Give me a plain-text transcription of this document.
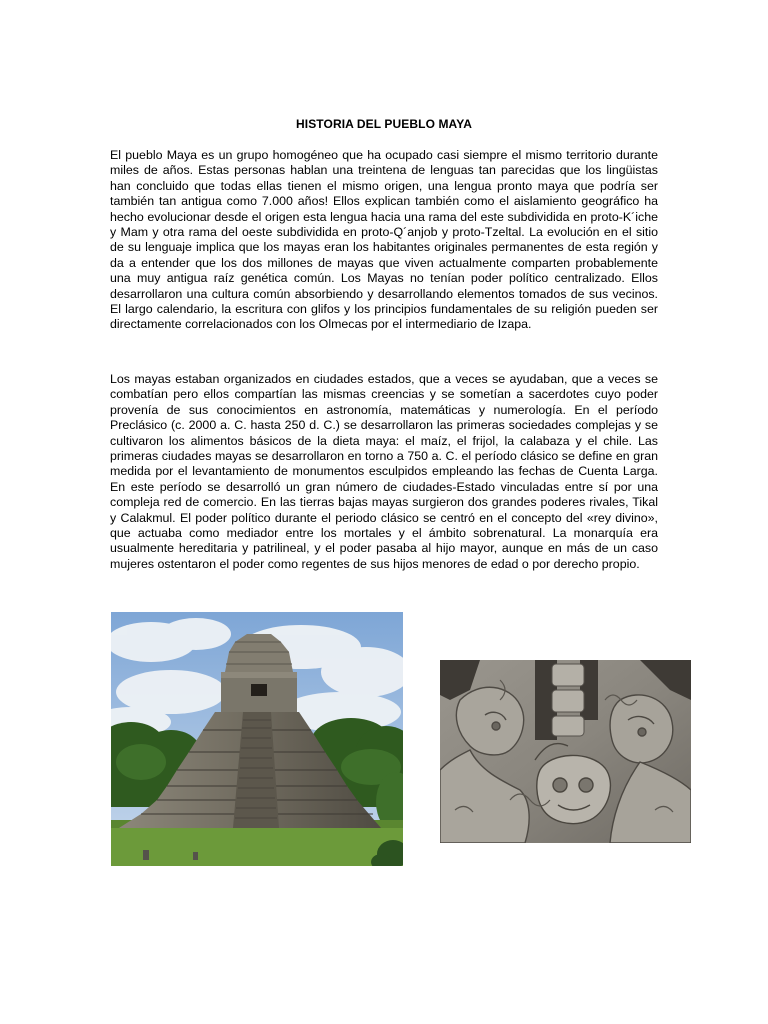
HISTORIA DEL PUEBLO MAYA

El pueblo Maya es un grupo homogéneo que ha ocupado casi siempre el mismo territorio durante miles de años. Estas personas hablan una treintena de lenguas tan parecidas que los lingüistas han concluido que todas ellas tienen el mismo origen, una lengua pronto maya que podría ser también tan antigua como 7.000 años! Ellos explican también como el aislamiento geográfico ha hecho evolucionar desde el origen esta lengua hacia una rama del este subdividida en proto-K´iche y Mam y otra rama del oeste subdividida en proto-Q´anjob y proto-Tzeltal. La evolución en el sitio de su lenguaje implica que los mayas eran los habitantes originales permanentes de esta región y da a entender que los dos millones de mayas que viven actualmente comparten probablemente una muy antigua raíz genética común. Los Mayas no tenían poder político centralizado. Ellos desarrollaron una cultura común absorbiendo y desarrollando elementos tomados de sus vecinos. El largo calendario, la escritura con glifos y los principios fundamentales de su religión pueden ser directamente correlacionados con los Olmecas por el intermediario de Izapa.

Los mayas estaban organizados en ciudades estados, que a veces se ayudaban, que a veces se combatían pero ellos compartían las mismas creencias y se sometían a sacerdotes cuyo poder provenía de sus conocimientos en astronomía, matemáticas y numerología. En el período Preclásico (c. 2000 a. C. hasta 250 d. C.) se desarrollaron las primeras sociedades complejas y se cultivaron los alimentos básicos de la dieta maya: el maíz, el frijol, la calabaza y el chile. Las primeras ciudades mayas se desarrollaron en torno a 750 a. C. el período clásico se define en gran medida por el levantamiento de monumentos esculpidos empleando las fechas de Cuenta Larga. En este período se desarrolló un gran número de ciudades-Estado vinculadas entre sí por una compleja red de comercio. En las tierras bajas mayas surgieron dos grandes poderes rivales, Tikal y Calakmul. El poder político durante el periodo clásico se centró en el concepto del «rey divino», que actuaba como mediador entre los mortales y el ámbito sobrenatural. La monarquía era usualmente hereditaria y patrilineal, y el poder pasaba al hijo mayor, aunque en más de un caso mujeres ostentaron el poder como regentes de sus hijos menores de edad o por derecho propio.
